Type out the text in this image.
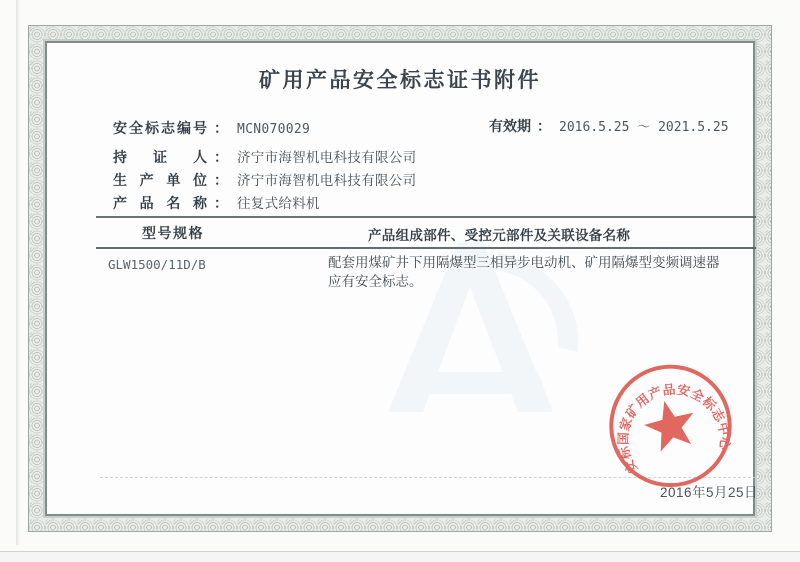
矿用产品安全标志证书附件
安全标志编号 ： MCN070029	有效期 ： 2016.5.25 ～ 2021.5.25
持证人 ： 济宁市海智机电科技有限公司
生产单位 ： 济宁市海智机电科技有限公司
产品名称 ： 往复式给料机
型号规格	产品组成部件、受控元部件及关联设备名称
GLW1500/11D/B	配套用煤矿井下用隔爆型三相异步电动机、矿用隔爆型变频调速器应有安全标志。
安标国家矿用产品安全标志中心
2016年5月25日
